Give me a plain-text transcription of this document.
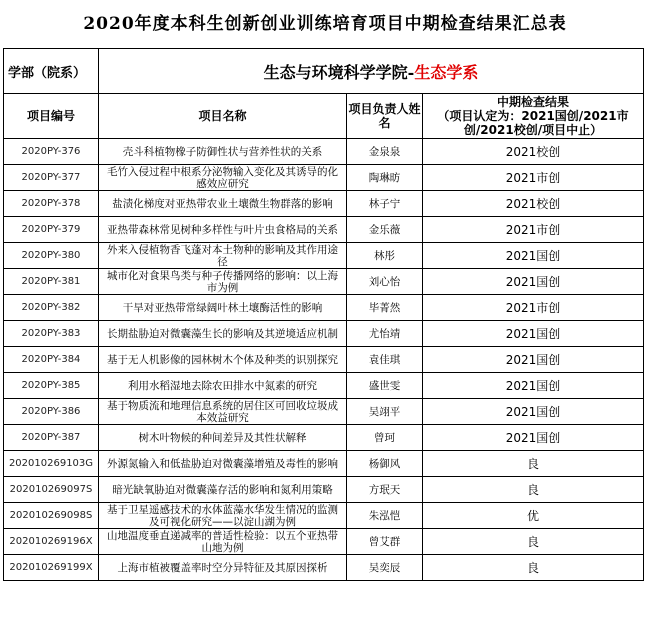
2020年度本科生创新创业训练培育项目中期检查结果汇总表
学部（院系）	生态与环境科学学院-生态学系		
项目编号	项目名称	项目负责人姓名	中期检查结果
（项目认定为：2021国创/2021市创/2021校创/项目中止）

2020PY-376	壳斗科植物橡子防御性状与营养性状的关系	金泉泉	2021校创
2020PY-377	毛竹入侵过程中根系分泌物输入变化及其诱导的化感效应研究	陶琳昉	2021市创
2020PY-378	盐渍化梯度对亚热带农业土壤微生物群落的影响	林子宁	2021校创
2020PY-379	亚热带森林常见树种多样性与叶片虫食格局的关系	金乐薇	2021市创
2020PY-380	外来入侵植物香飞蓬对本土物种的影响及其作用途径	林彤	2021国创
2020PY-381	城市化对食果鸟类与种子传播网络的影响：以上海市为例	刘心怡	2021国创
2020PY-382	干旱对亚热带常绿阔叶林土壤酶活性的影响	毕菁然	2021市创
2020PY-383	长期盐胁迫对微囊藻生长的影响及其逆境适应机制	尤怡靖	2021国创
2020PY-384	基于无人机影像的园林树木个体及种类的识别探究	袁佳琪	2021国创
2020PY-385	利用水稻湿地去除农田排水中氮素的研究	盛世雯	2021国创
2020PY-386	基于物质流和地理信息系统的居住区可回收垃圾成本效益研究	吴翊平	2021国创
2020PY-387	树木叶物候的种间差异及其性状解释	曾珂	2021国创
202010269103G	外源氮输入和低盐胁迫对微囊藻增殖及毒性的影响	杨御风	良
202010269097S	暗光缺氧胁迫对微囊藻存活的影响和氮利用策略	方珉天	良
202010269098S	基于卫星遥感技术的水体蓝藻水华发生情况的监测及可视化研究——以淀山湖为例	朱泓恺	优
202010269196X	山地温度垂直递减率的普适性检验：以五个亚热带山地为例	曾艾群	良
202010269199X	上海市植被覆盖率时空分异特征及其原因探析	吴奕辰	良
